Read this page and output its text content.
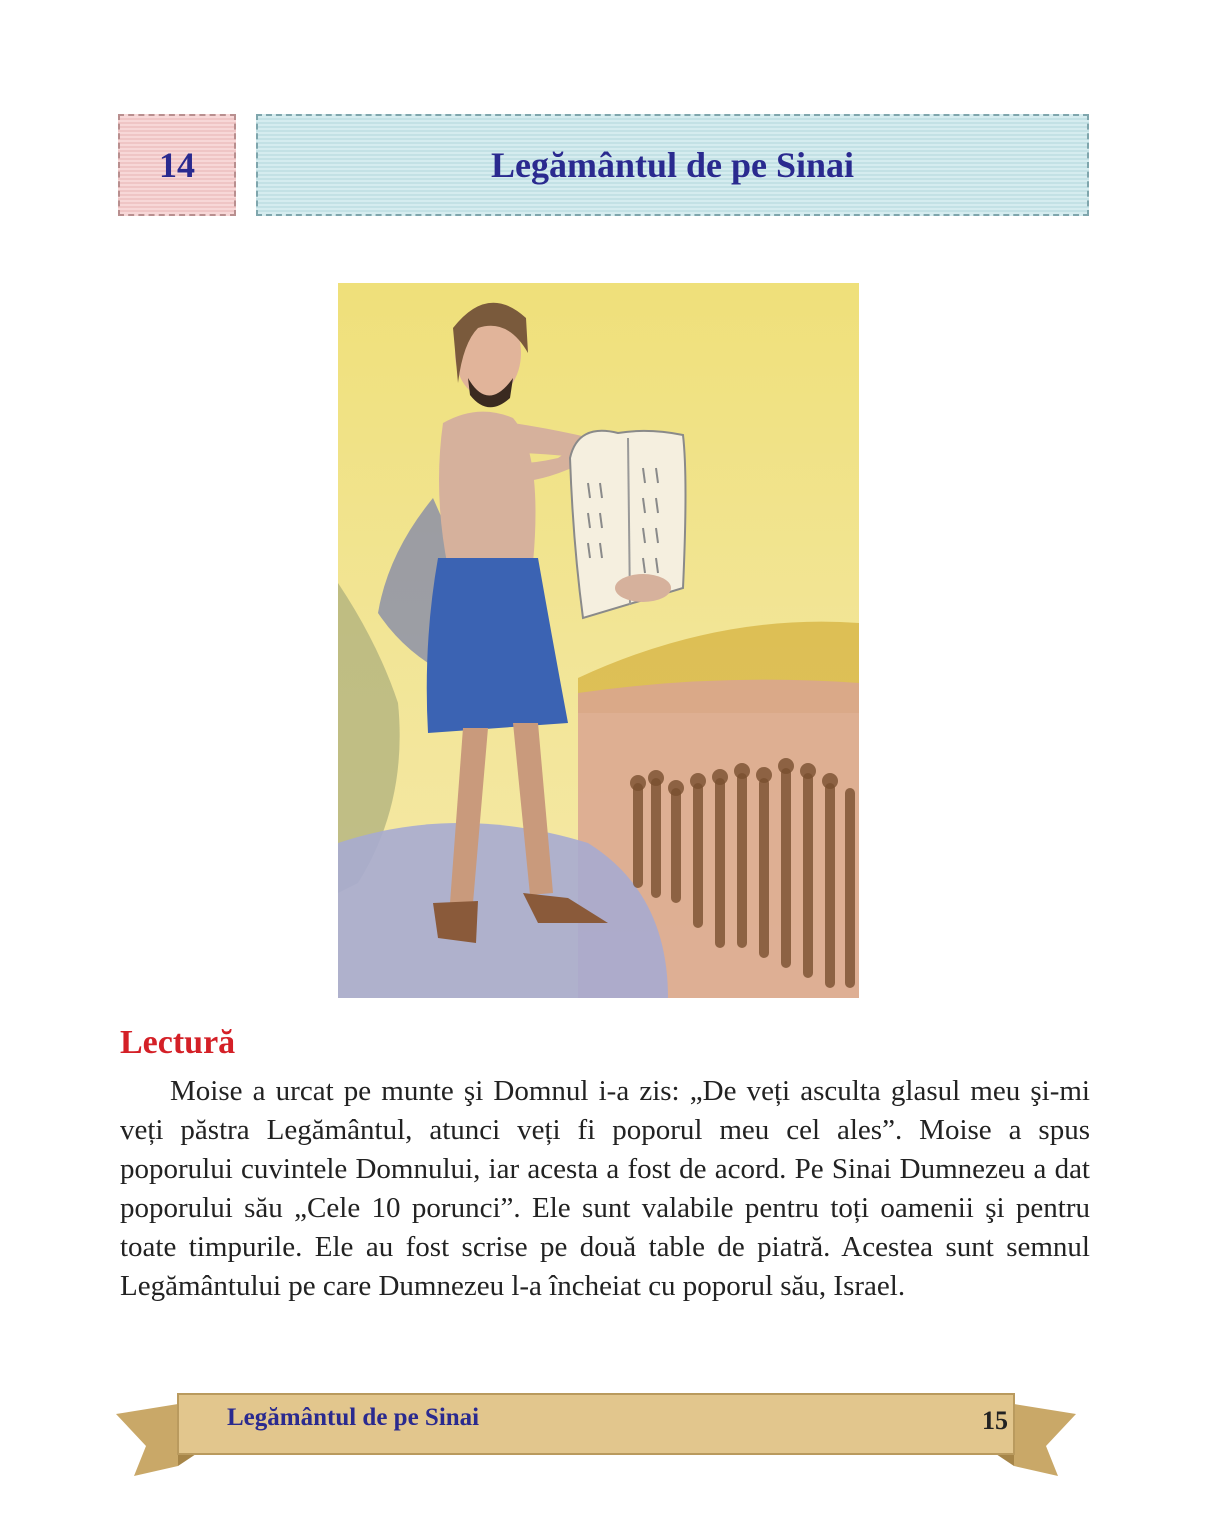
14	Legământul de pe Sinai
Lectură

Moise a urcat pe munte şi Domnul i-a zis: „De veți asculta glasul meu şi-mi veți păstra Legământul, atunci veți fi poporul meu cel ales”. Moise a spus poporului cuvintele Domnului, iar acesta a fost de acord. Pe Sinai Dumnezeu a dat poporului său „Cele 10 porunci”. Ele sunt valabile pentru toți oamenii şi pentru toate timpurile. Ele au fost scrise pe două table de piatră. Acestea sunt semnul Legământului pe care Dumnezeu l-a încheiat cu poporul său, Israel.

Legământul de pe Sinai	15
